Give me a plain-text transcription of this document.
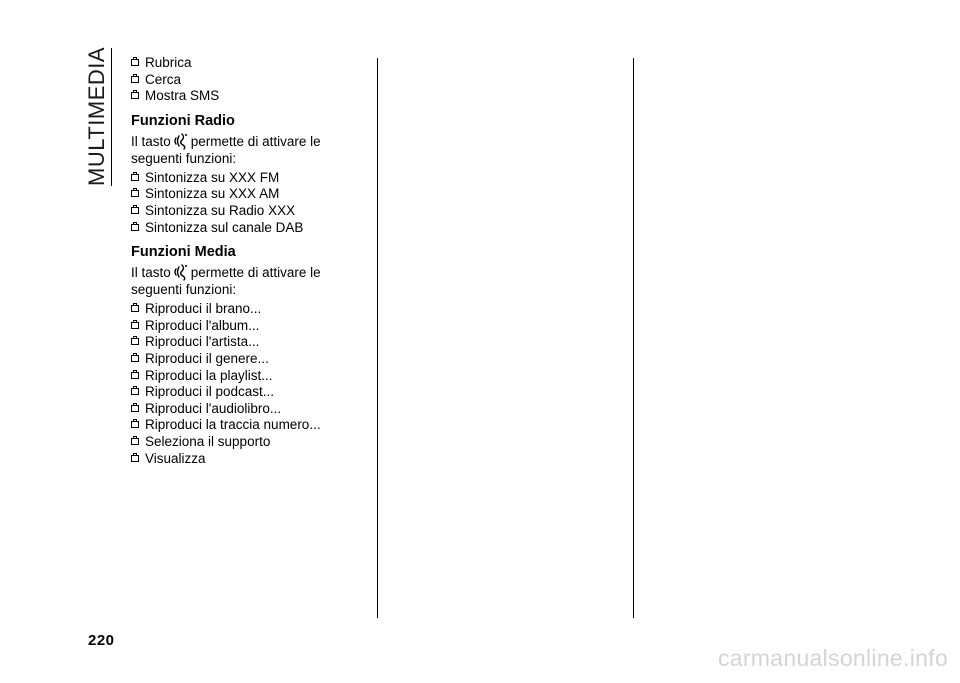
MULTIMEDIA	Rubrica
Cerca
Mostra SMS
Funzioni Radio

Il tasto permette di attivare le seguenti funzioni:

Sintonizza su XXX FM
Sintonizza su XXX AM
Sintonizza su Radio XXX
Sintonizza sul canale DAB
Funzioni Media

Il tasto permette di attivare le seguenti funzioni:

Riproduci il brano...
Riproduci l'album...
Riproduci l'artista...
Riproduci il genere...
Riproduci la playlist...
Riproduci il podcast...
Riproduci l'audiolibro...
Riproduci la traccia numero...
Seleziona il supporto
Visualizza
220
carmanualsonline.info
